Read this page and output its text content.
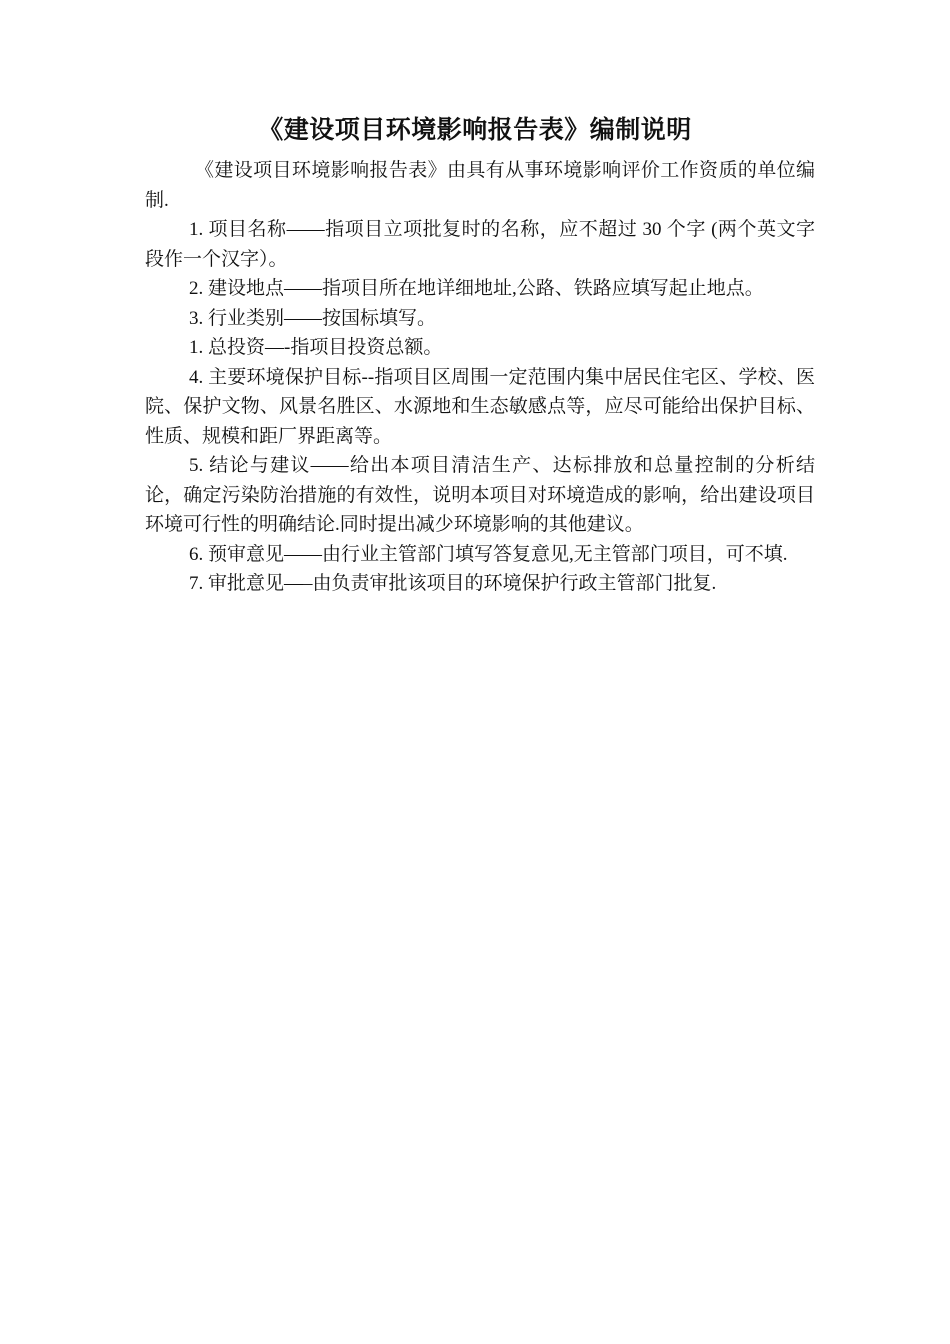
《建设项目环境影响报告表》编制说明

《建设项目环境影响报告表》由具有从事环境影响评价工作资质的单位编制.

1. 项目名称——指项目立项批复时的名称，应不超过 30 个字 (两个英文字段作一个汉字）。

2. 建设地点——指项目所在地详细地址,公路、铁路应填写起止地点。

3. 行业类别——按国标填写。

1. 总投资—-指项目投资总额。

4. 主要环境保护目标--指项目区周围一定范围内集中居民住宅区、学校、医院、保护文物、风景名胜区、水源地和生态敏感点等，应尽可能给出保护目标、性质、规模和距厂界距离等。

5. 结论与建议——给出本项目清洁生产、达标排放和总量控制的分析结论，确定污染防治措施的有效性，说明本项目对环境造成的影响，给出建设项目环境可行性的明确结论.同时提出减少环境影响的其他建议。

6. 预审意见——由行业主管部门填写答复意见,无主管部门项目，可不填.

7. 审批意见—–由负责审批该项目的环境保护行政主管部门批复.
